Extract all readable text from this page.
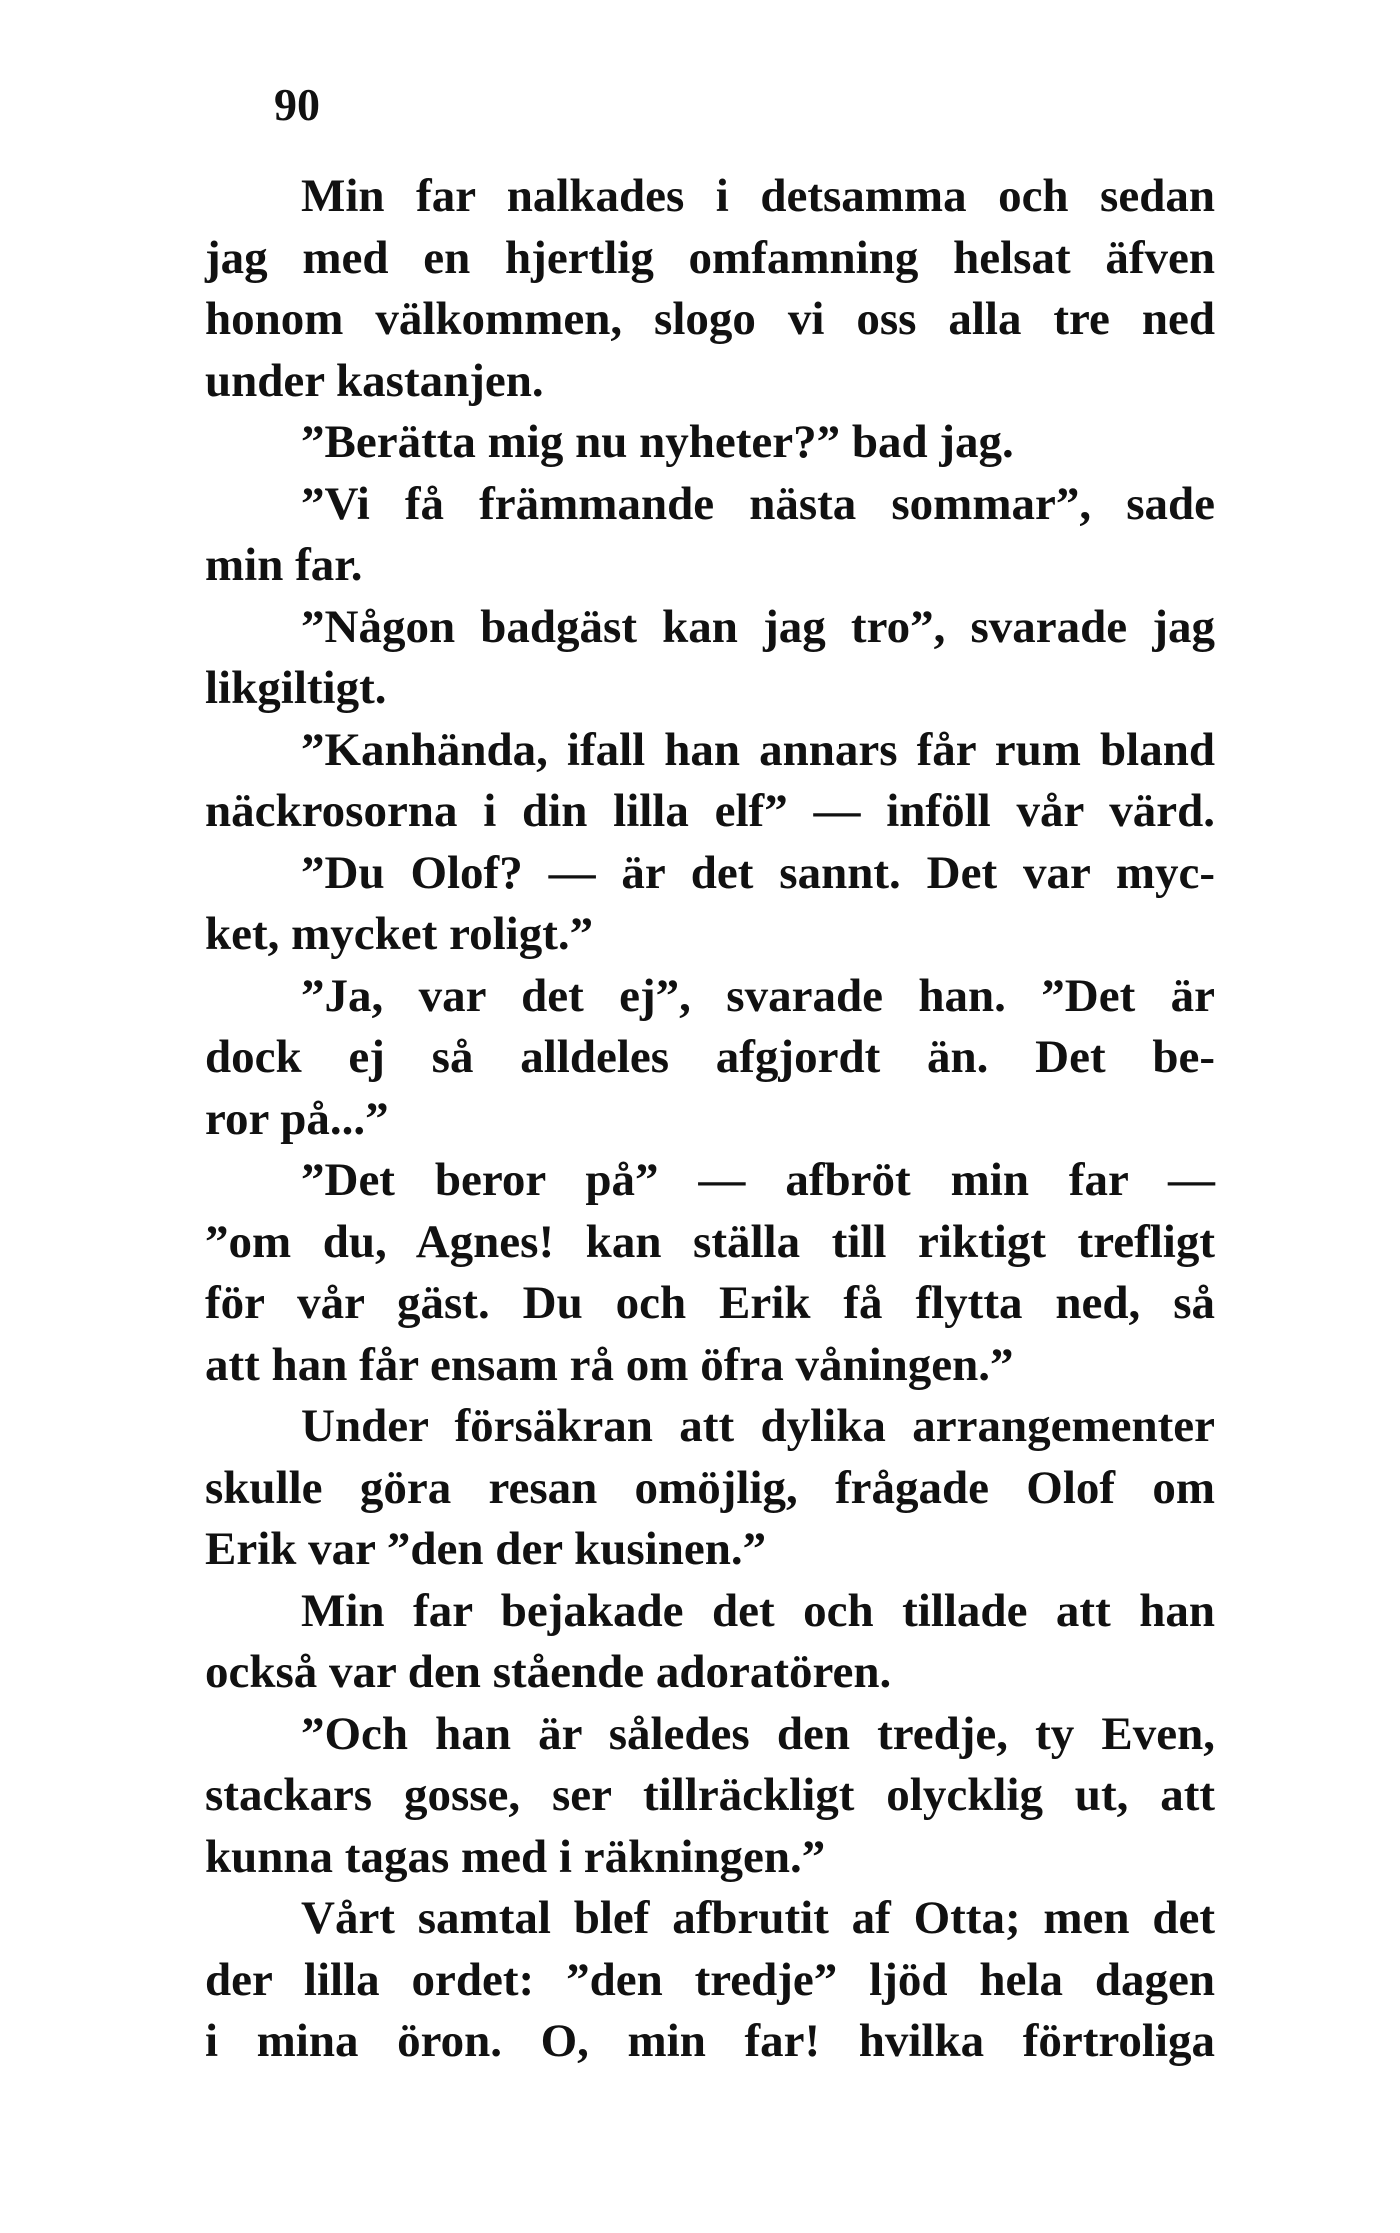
90
Min far nalkades i detsamma och sedan
jag med en hjertlig omfamning helsat äfven
honom välkommen, slogo vi oss alla tre ned
under kastanjen.
”Berätta mig nu nyheter?” bad jag.
”Vi få främmande nästa sommar”, sade
min far.
”Någon badgäst kan jag tro”, svarade jag
likgiltigt.
”Kanhända, ifall han annars får rum bland
näckrosorna i din lilla elf” — inföll vår värd.
”Du Olof? — är det sannt. Det var myc-
ket, mycket roligt.”
”Ja, var det ej”, svarade han. ”Det är
dock ej så alldeles afgjordt än. Det be-
ror på...”
”Det beror på” — afbröt min far —
”om du, Agnes! kan ställa till riktigt trefligt
för vår gäst. Du och Erik få flytta ned, så
att han får ensam rå om öfra våningen.”
Under försäkran att dylika arrangementer
skulle göra resan omöjlig, frågade Olof om
Erik var ”den der kusinen.”
Min far bejakade det och tillade att han
också var den stående adoratören.
”Och han är således den tredje, ty Even,
stackars gosse, ser tillräckligt olycklig ut, att
kunna tagas med i räkningen.”
Vårt samtal blef afbrutit af Otta; men det
der lilla ordet: ”den tredje” ljöd hela dagen
i mina öron. O, min far! hvilka förtroliga
